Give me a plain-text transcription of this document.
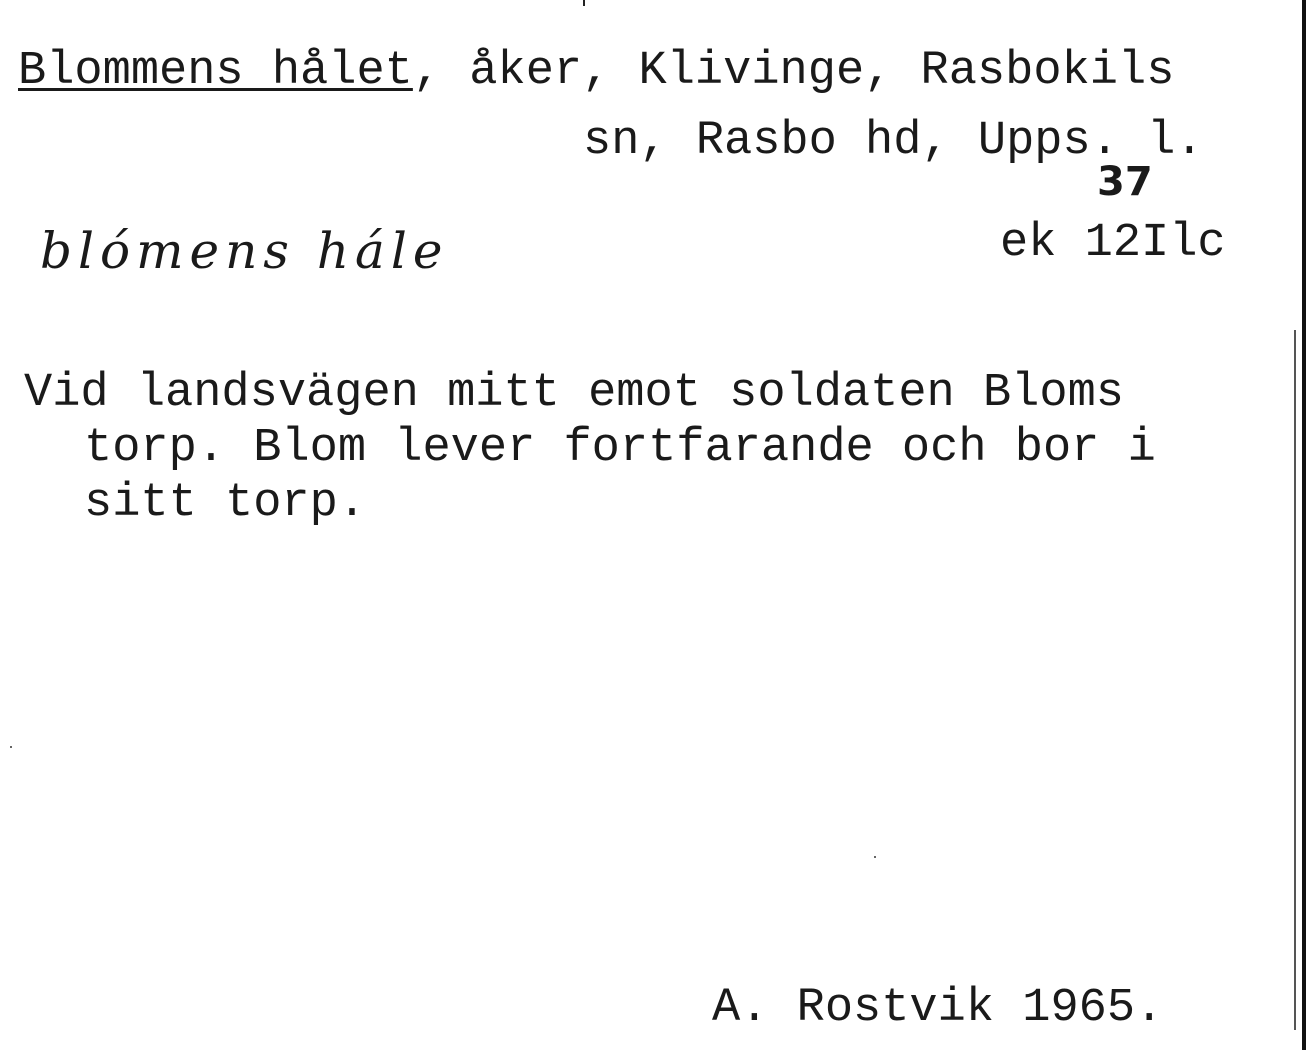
Blommens hålet, åker, Klivinge, Rasbokils
sn, Rasbo hd, Upps. l.
37
blómens hále	ek 12Ilc
Vid landsvägen mitt emot soldaten Bloms
torp. Blom lever fortfarande och bor i
sitt torp.
A. Rostvik 1965.
